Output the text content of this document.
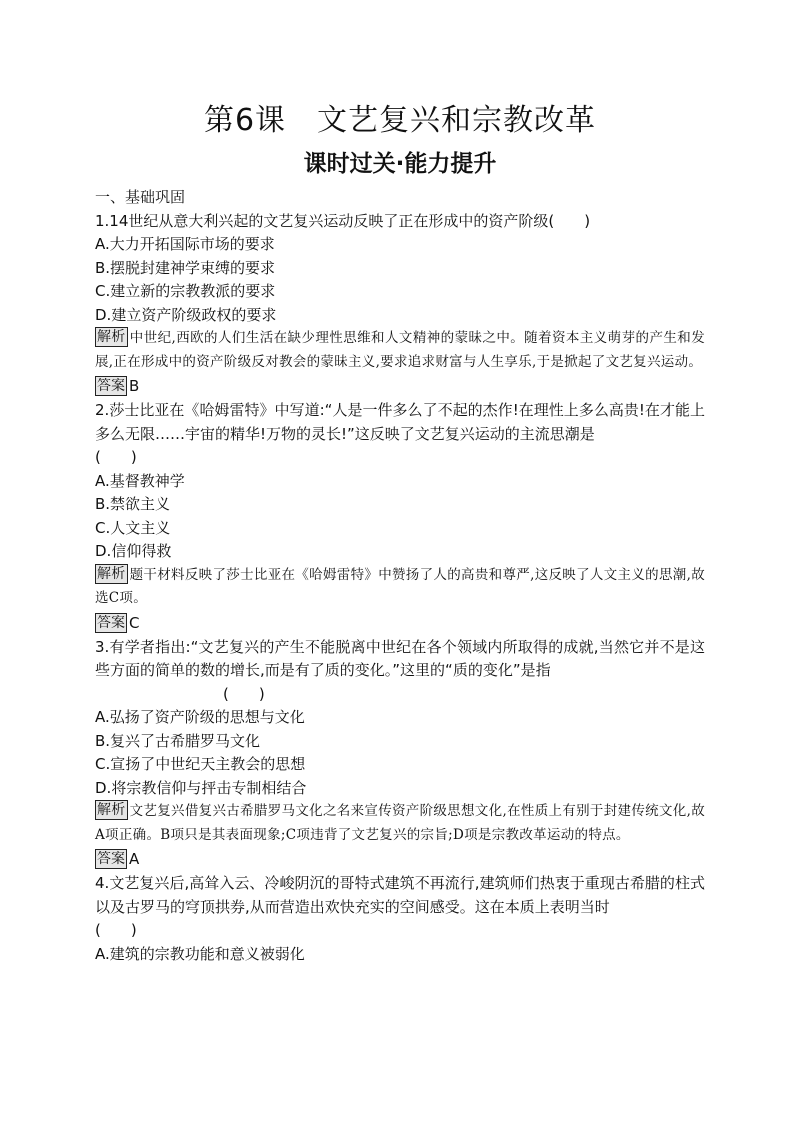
第6课　文艺复兴和宗教改革
课时过关·能力提升
一、基础巩固
1.14世纪从意大利兴起的文艺复兴运动反映了正在形成中的资产阶级(　　)
A.大力开拓国际市场的要求
B.摆脱封建神学束缚的要求
C.建立新的宗教教派的要求
D.建立资产阶级政权的要求
解析 中世纪,西欧的人们生活在缺少理性思维和人文精神的蒙昧之中。随着资本主义萌芽的产生和发展,正在形成中的资产阶级反对教会的蒙昧主义,要求追求财富与人生享乐,于是掀起了文艺复兴运动。
答案 B
2.莎士比亚在《哈姆雷特》中写道:“人是一件多么了不起的杰作!在理性上多么高贵!在才能上多么无限……宇宙的精华!万物的灵长!”这反映了文艺复兴运动的主流思潮是
(　　)
A.基督教神学
B.禁欲主义
C.人文主义
D.信仰得救
解析 题干材料反映了莎士比亚在《哈姆雷特》中赞扬了人的高贵和尊严,这反映了人文主义的思潮,故选C项。
答案 C
3.有学者指出:“文艺复兴的产生不能脱离中世纪在各个领域内所取得的成就,当然它并不是这些方面的简单的数的增长,而是有了质的变化。”这里的“质的变化”是指
(　　)
A.弘扬了资产阶级的思想与文化
B.复兴了古希腊罗马文化
C.宣扬了中世纪天主教会的思想
D.将宗教信仰与抨击专制相结合
解析 文艺复兴借复兴古希腊罗马文化之名来宣传资产阶级思想文化,在性质上有别于封建传统文化,故A项正确。B项只是其表面现象;C项违背了文艺复兴的宗旨;D项是宗教改革运动的特点。
答案 A
4.文艺复兴后,高耸入云、冷峻阴沉的哥特式建筑不再流行,建筑师们热衷于重现古希腊的柱式以及古罗马的穹顶拱券,从而营造出欢快充实的空间感受。这在本质上表明当时
(　　)
A.建筑的宗教功能和意义被弱化
